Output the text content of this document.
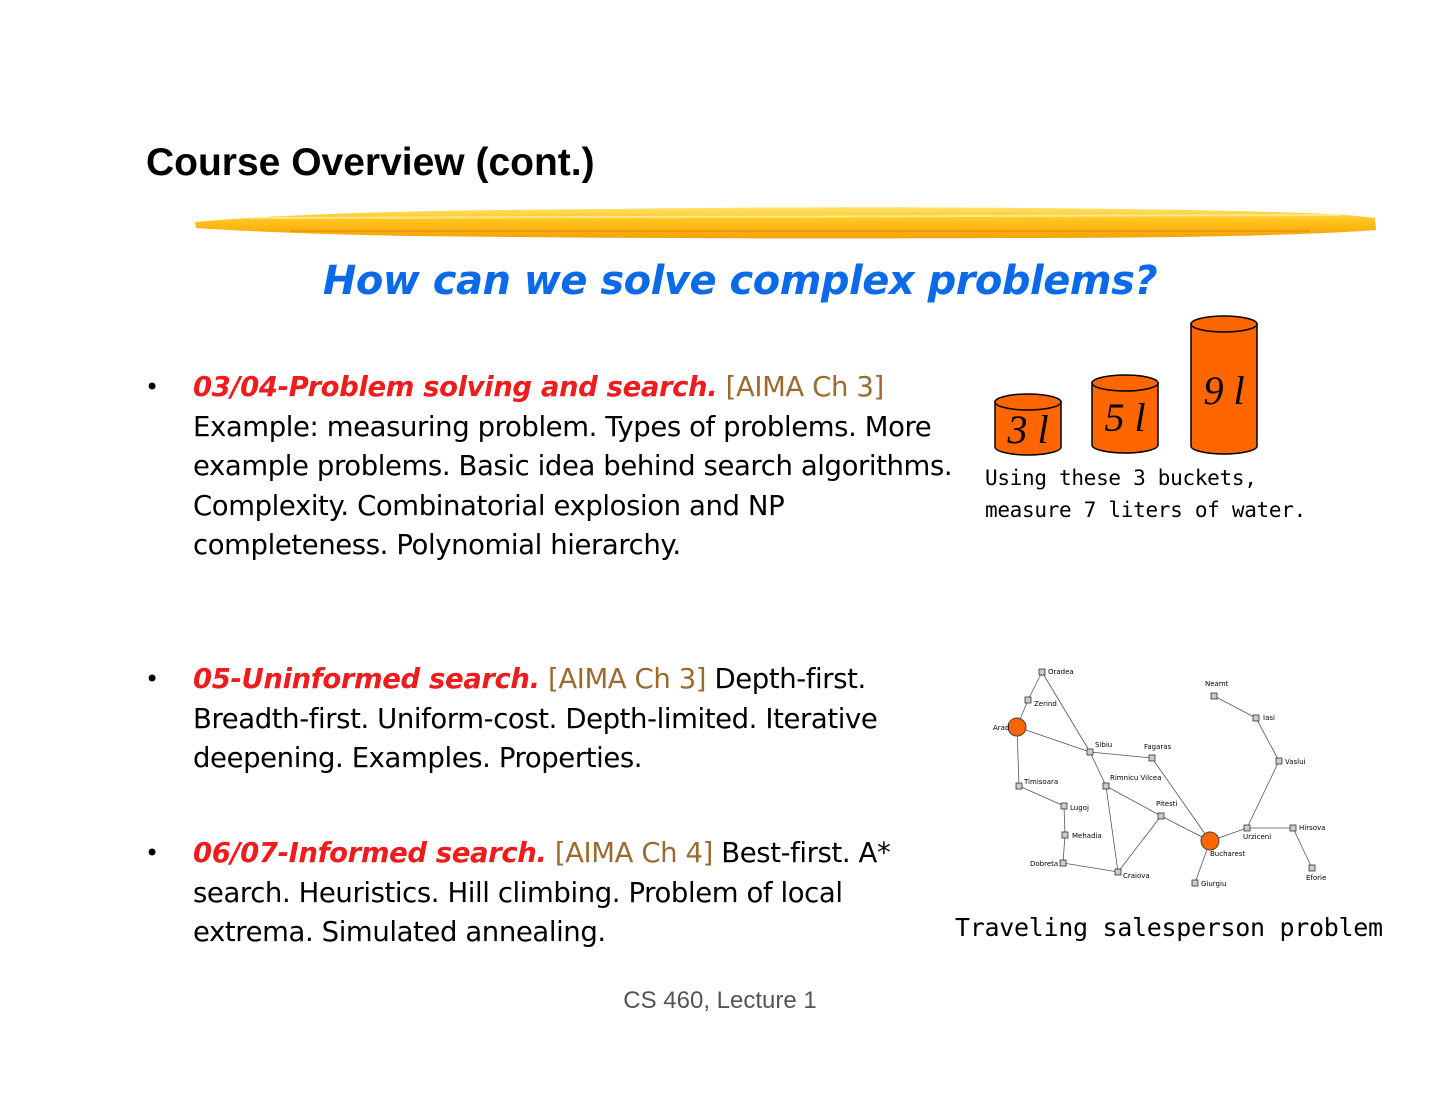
Course Overview (cont.)
How can we solve complex problems?
• 03/04-Problem solving and search. [AIMA Ch 3] Example: measuring problem. Types of problems. More example problems. Basic idea behind search algorithms. Complexity. Combinatorial explosion and NP completeness. Polynomial hierarchy.
• 05-Uninformed search. [AIMA Ch 3] Depth-first. Breadth-first. Uniform-cost. Depth-limited. Iterative deepening. Examples. Properties.
• 06/07-Informed search. [AIMA Ch 4] Best-first. A* search. Heuristics. Hill climbing. Problem of local extrema. Simulated annealing.
3 l 5 l
9 l
Using these 3 buckets, measure 7 liters of water.
Oradea
Zerind
Arad
Sibiu	Fagaras
Timisoara	Rimnicu Vilcea
Lugoj	Pitesti
Mehadia
Dobreta
Craiova
Bucharest
Giurgiu
Urziceni
Hirsova
Eforie
Vaslui
Iasi
Neamt
Traveling salesperson problem
CS 460, Lecture 1
